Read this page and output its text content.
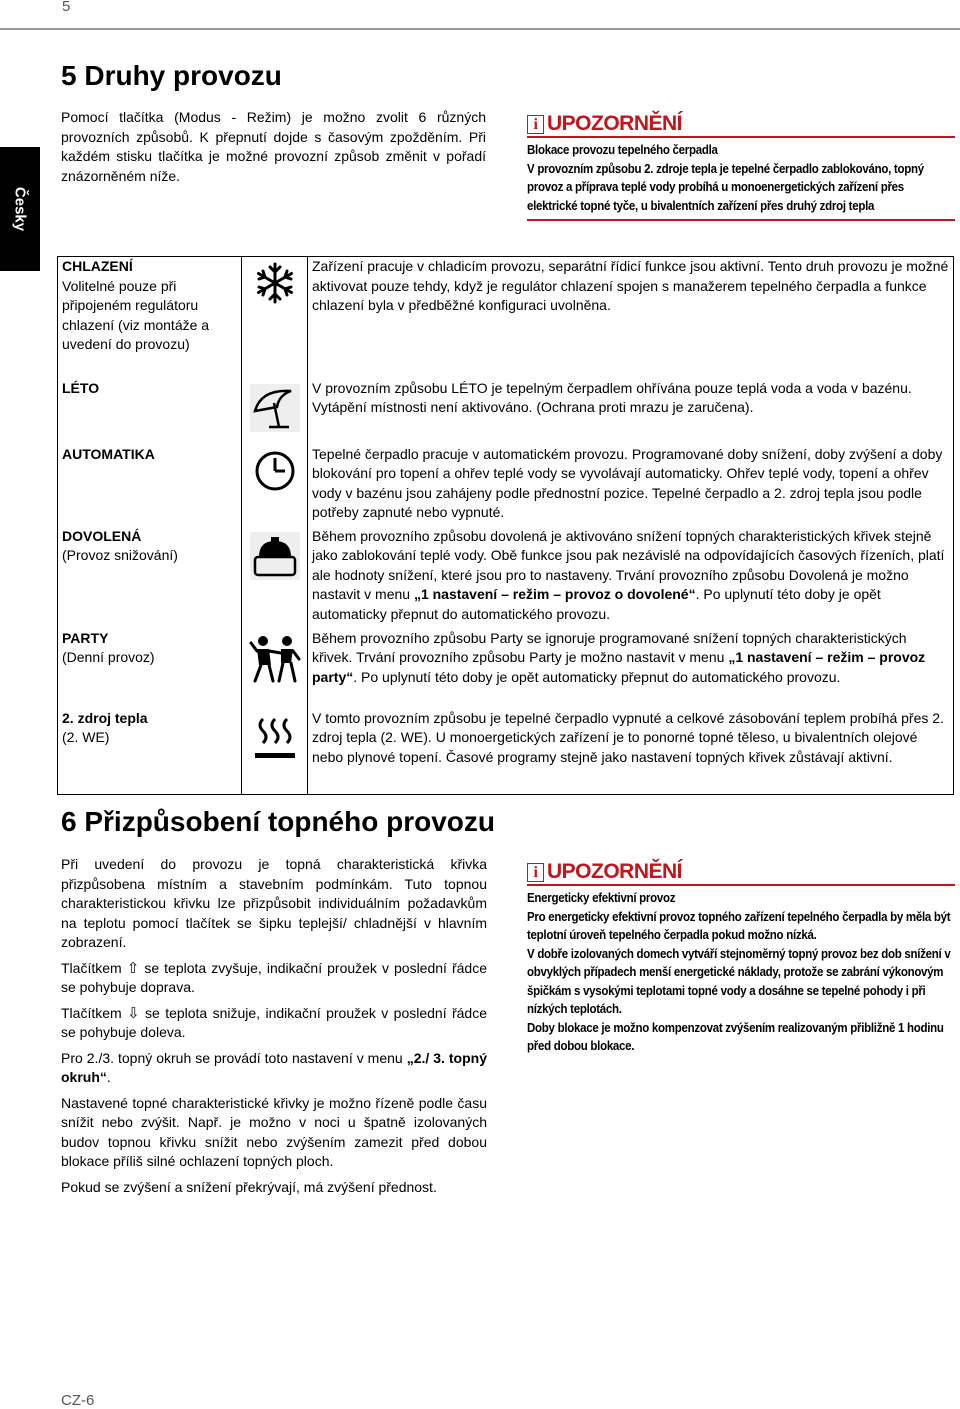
5
Česky
5 Druhy provozu
Pomocí tlačítka (Modus - Režim) je možno zvolit 6 různých provozních způsobů. K přepnutí dojde s časovým zpožděním. Při každém stisku tlačítka je možné provozní způsob změnit v pořadí znázorněném níže.
i UPOZORNĚNÍ
Blokace provozu tepelného čerpadla
V provozním způsobu 2. zdroje tepla je tepelné čerpadlo zablokováno, topný provoz a příprava teplé vody probíhá u monoenergetických zařízení přes elektrické topné tyče, u bivalentních zařízení přes druhý zdroj tepla
CHLAZENÍ
Volitelné pouze při připojeném regulátoru chlazení (viz montáže a uvedení do provozu)		Zařízení pracuje v chladicím provozu, separátní řídicí funkce jsou aktivní. Tento druh provozu je možné aktivovat pouze tehdy, když je regulátor chlazení spojen s manažerem tepelného čerpadla a funkce chlazení byla v předběžné konfiguraci uvolněna.

LÉTO		V provozním způsobu LÉTO je tepelným čerpadlem ohřívána pouze teplá voda a voda v bazénu. Vytápění místnosti není aktivováno. (Ochrana proti mrazu je zaručena).

AUTOMATIKA		Tepelné čerpadlo pracuje v automatickém provozu. Programované doby snížení, doby zvýšení a doby blokování pro topení a ohřev teplé vody se vyvolávají automaticky. Ohřev teplé vody, topení a ohřev vody v bazénu jsou zahájeny podle přednostní pozice. Tepelné čerpadlo a 2. zdroj tepla jsou podle potřeby zapnuté nebo vypnuté.

DOVOLENÁ
(Provoz snižování)		Během provozního způsobu dovolená je aktivováno snížení topných charakteristických křivek stejně jako zablokování teplé vody. Obě funkce jsou pak nezávislé na odpovídajících časových řízeních, platí ale hodnoty snížení, které jsou pro to nastaveny. Trvání provozního způsobu Dovolená je možno nastavit v menu „1 nastavení – režim – provoz o dovolené“. Po uplynutí této doby je opět automaticky přepnut do automatického provozu.

PARTY
(Denní provoz)		Během provozního způsobu Party se ignoruje programované snížení topných charakteristických křivek. Trvání provozního způsobu Party je možno nastavit v menu „1 nastavení – režim – provoz party“. Po uplynutí této doby je opět automaticky přepnut do automatického provozu.

2. zdroj tepla
(2. WE)		V tomto provozním způsobu je tepelné čerpadlo vypnuté a celkové zásobování teplem probíhá přes 2. zdroj tepla (2. WE). U monoergetických zařízení je to ponorné topné těleso, u bivalentních olejové nebo plynové topení. Časové programy stejně jako nastavení topných křivek zůstávají aktivní.
6 Přizpůsobení topného provozu

Při uvedení do provozu je topná charakteristická křivka přizpůsobena místním a stavebním podmínkám. Tuto topnou charakteristickou křivku lze přizpůsobit individuálním požadavkům na teplotu pomocí tlačítek se šipku teplejší/ chladnější v hlavním zobrazení.

Tlačítkem ⇧ se teplota zvyšuje, indikační proužek v poslední řádce se pohybuje doprava.

Tlačítkem ⇩ se teplota snižuje, indikační proužek v poslední řádce se pohybuje doleva.

Pro 2./3. topný okruh se provádí toto nastavení v menu „2./ 3. topný okruh“.

Nastavené topné charakteristické křivky je možno řízeně podle času snížit nebo zvýšit. Např. je možno v noci u špatně izolovaných budov topnou křivku snížit nebo zvýšením zamezit před dobou blokace příliš silné ochlazení topných ploch.

Pokud se zvýšení a snížení překrývají, má zvýšení přednost.

i UPOZORNĚNÍ
Energeticky efektivní provoz
Pro energeticky efektivní provoz topného zařízení tepelného čerpadla by měla být teplotní úroveň tepelného čerpadla pokud možno nízká.
V dobře izolovaných domech vytváří stejnoměrný topný provoz bez dob snížení v obvyklých případech menší energetické náklady, protože se zabrání výkonovým špičkám s vysokými teplotami topné vody a dosáhne se tepelné pohody i při nízkých teplotách.
Doby blokace je možno kompenzovat zvýšením realizovaným přibližně 1 hodinu před dobou blokace.
CZ-6
